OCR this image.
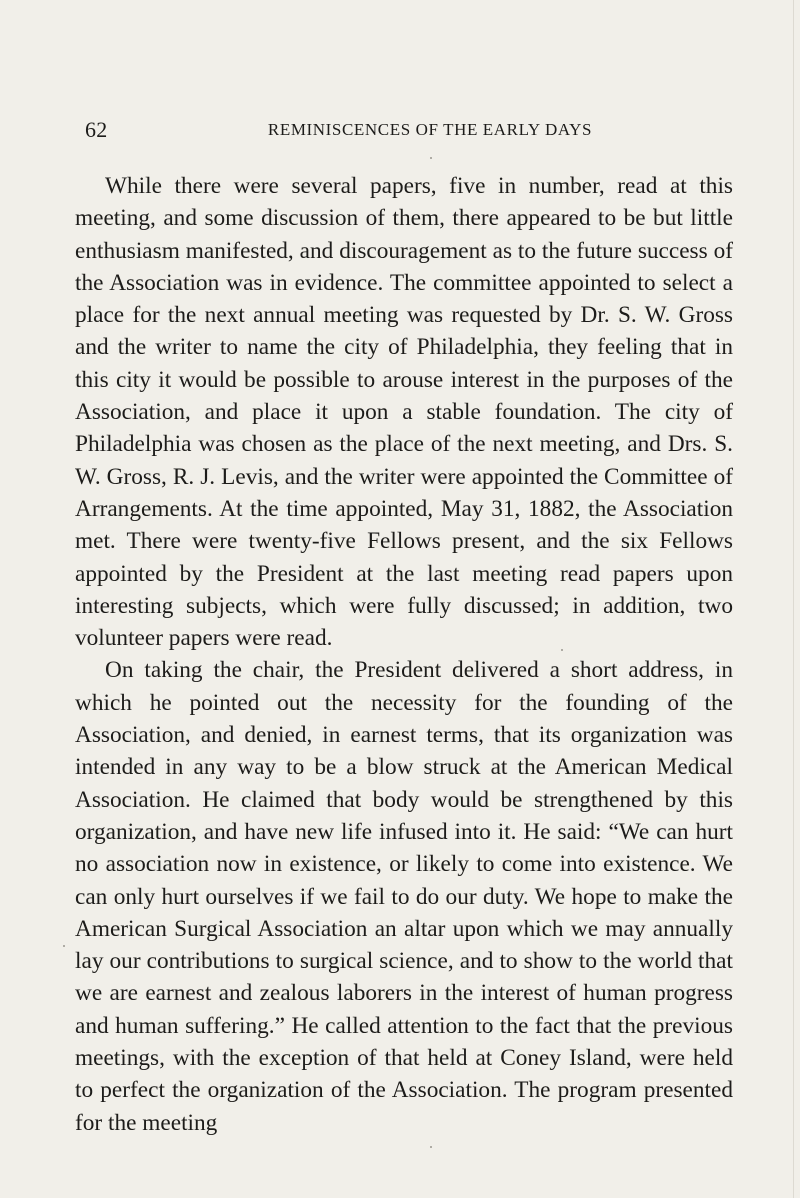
62	REMINISCENCES OF THE EARLY DAYS

While there were several papers, five in number, read at this meeting, and some discussion of them, there appeared to be but little enthusiasm manifested, and discouragement as to the future success of the Association was in evidence. The committee appointed to select a place for the next annual meeting was requested by Dr. S. W. Gross and the writer to name the city of Philadelphia, they feeling that in this city it would be possible to arouse interest in the purposes of the Association, and place it upon a stable foundation. The city of Philadelphia was chosen as the place of the next meeting, and Drs. S. W. Gross, R. J. Levis, and the writer were appointed the Committee of Arrangements. At the time appointed, May 31, 1882, the Association met. There were twenty-five Fellows present, and the six Fellows appointed by the President at the last meeting read papers upon interesting subjects, which were fully discussed; in addition, two volunteer papers were read.

On taking the chair, the President delivered a short address, in which he pointed out the necessity for the founding of the Association, and denied, in earnest terms, that its organization was intended in any way to be a blow struck at the American Medical Association. He claimed that body would be strengthened by this organization, and have new life infused into it. He said: “We can hurt no association now in existence, or likely to come into existence. We can only hurt ourselves if we fail to do our duty. We hope to make the American Surgical Association an altar upon which we may annually lay our contributions to surgical science, and to show to the world that we are earnest and zealous laborers in the interest of human progress and human suffering.” He called attention to the fact that the previous meetings, with the exception of that held at Coney Island, were held to perfect the organization of the Association. The program presented for the meeting
